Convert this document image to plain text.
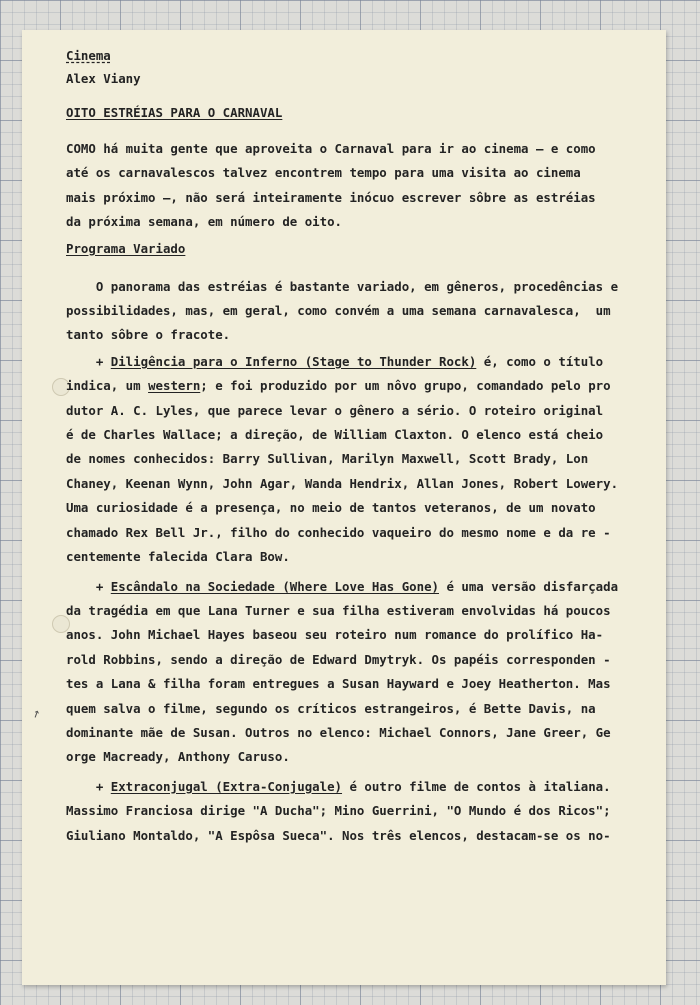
↗
Cinema
Alex Viany
OITO ESTRÉIAS PARA O CARNAVAL

COMO há muita gente que aproveita o Carnaval para ir ao cinema — e como
até os carnavalescos talvez encontrem tempo para uma visita ao cinema
mais próximo —, não será inteiramente inócuo escrever sôbre as estréias
da próxima semana, em número de oito.

Programa Variado

O panorama das estréias é bastante variado, em gêneros, procedências e
possibilidades, mas, em geral, como convém a uma semana carnavalesca,  um
tanto sôbre o fracote.

+ Diligência para o Inferno (Stage to Thunder Rock) é, como o título
indica, um western; e foi produzido por um nôvo grupo, comandado pelo pro
dutor A. C. Lyles, que parece levar o gênero a sério. O roteiro original
é de Charles Wallace; a direção, de William Claxton. O elenco está cheio
de nomes conhecidos: Barry Sullivan, Marilyn Maxwell, Scott Brady, Lon
Chaney, Keenan Wynn, John Agar, Wanda Hendrix, Allan Jones, Robert Lowery.
Uma curiosidade é a presença, no meio de tantos veteranos, de um novato
chamado Rex Bell Jr., filho do conhecido vaqueiro do mesmo nome e da re -
centemente falecida Clara Bow.

+ Escândalo na Sociedade (Where Love Has Gone) é uma versão disfarçada
da tragédia em que Lana Turner e sua filha estiveram envolvidas há poucos
anos. John Michael Hayes baseou seu roteiro num romance do prolífico Ha-
rold Robbins, sendo a direção de Edward Dmytryk. Os papéis corresponden -
tes a Lana & filha foram entregues a Susan Hayward e Joey Heatherton. Mas
quem salva o filme, segundo os críticos estrangeiros, é Bette Davis, na
dominante mãe de Susan. Outros no elenco: Michael Connors, Jane Greer, Ge
orge Macready, Anthony Caruso.

+ Extraconjugal (Extra-Conjugale) é outro filme de contos à italiana.
Massimo Franciosa dirige "A Ducha"; Mino Guerrini, "O Mundo é dos Ricos";
Giuliano Montaldo, "A Espôsa Sueca". Nos três elencos, destacam-se os no-
